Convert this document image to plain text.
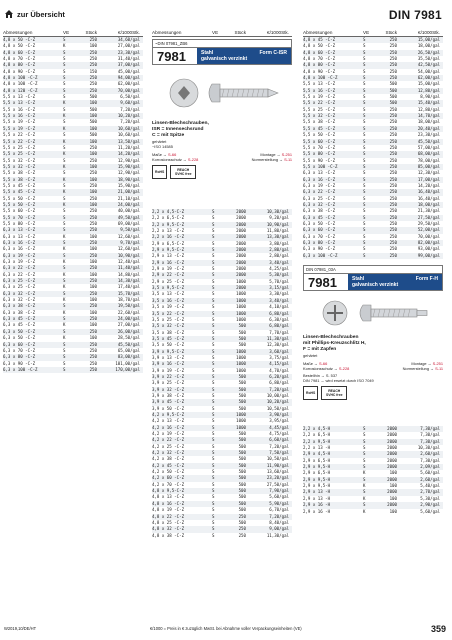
zur Übersicht	DIN 7981
Abmessungen	VE	Stück	€/1000Stk.
4,8 x 50 -C-Z	S	250	34,60/gal
4,8 x 50 -C-Z	K	100	27,00/gal
4,8 x 60 -C-Z	S	250	23,30/gal
4,8 x 70 -C-Z	S	250	31,40/gal
4,8 x 80 -C-Z	S	250	37,00/gal
4,8 x 90 -C-Z	S	150	45,00/gal
4,8 x 100 -C-Z	S	250	94,00/gal
4,8 x 100 -C-Z	S	250	62,00/gal
4,8 x 120 -C-Z	S	250	70,00/gal
5,5 x 13 -C-Z	S	500	6,50/gal
5,5 x 13 -C-Z	K	100	9,60/gal
5,5 x 16 -C-Z	S	500	7,20/gal
5,5 x 16 -C-Z	K	100	10,20/gal
5,5 x 19 -C-Z	S	500	7,20/gal
5,5 x 19 -C-Z	K	100	10,60/gal
5,5 x 22 -C-Z	S	500	10,60/gal
5,5 x 22 -C-Z	K	100	13,50/gal
5,5 x 25 -C-Z	S	250	11,20/gal
5,5 x 25 -C-Z	K	100	14,20/gal
5,5 x 32 -C-Z	S	250	12,90/gal
5,5 x 32 -C-Z	K	100	15,90/gal
5,5 x 38 -C-Z	S	250	12,90/gal
5,5 x 38 -C-Z	K	100	18,90/gal
5,5 x 45 -C-Z	S	250	15,90/gal
5,5 x 45 -C-Z	K	100	21,00/gal
5,5 x 50 -C-Z	S	250	21,10/gal
5,5 x 50 -C-Z	K	100	24,00/gal
5,5 x 60 -C-Z	S	250	40,00/gal
5,5 x 70 -C-Z	S	250	49,50/gal
5,5 x 80 -C-Z	S	250	69,00/gal
6,3 x 13 -C-Z	S	250	9,50/gal
6,3 x 13 -C-Z	K	100	12,60/gal
6,3 x 16 -C-Z	S	250	9,70/gal
6,3 x 16 -C-Z	K	100	12,60/gal
6,3 x 19 -C-Z	S	250	10,90/gal
6,3 x 19 -C-Z	K	100	12,40/gal
6,3 x 22 -C-Z	S	250	11,40/gal
6,3 x 22 -C-Z	K	100	14,80/gal
6,3 x 25 -C-Z	S	250	14,30/gal
6,3 x 25 -C-Z	K	100	17,40/gal
6,3 x 32 -C-Z	S	250	15,70/gal
6,3 x 32 -C-Z	K	100	18,70/gal
6,3 x 38 -C-Z	S	250	19,50/gal
6,3 x 38 -C-Z	K	100	22,60/gal
6,3 x 45 -C-Z	S	250	24,00/gal
6,3 x 45 -C-Z	K	100	27,00/gal
6,3 x 50 -C-Z	S	250	26,00/gal
6,3 x 50 -C-Z	K	100	28,50/gal
6,3 x 60 -C-Z	S	250	45,50/gal
6,3 x 70 -C-Z	S	250	65,00/gal
6,3 x 80 -C-Z	S	250	83,00/gal
6,3 x 90 -C-Z	S	250	101,00/gal
6,3 x 100 -C-Z	S	250	170,00/gal
Abmessungen	VE	Stück	€/1000Stk.
~DIN 07981_ZB6
7981	Stahl	Form C-ISR
galvanisch verzinkt
Linsen-Blechschrauben,
ISR = Innensechsrund
C = mit Spitze
gehärtet
~ISO 14585
Maße → S-66	Montage → S-251
Korrosionsschutz → S-228	Normerstellung → S-11
RoHS	REACH SVHC free
2,2 x 4,5-C-Z	S	2000	10,30/gal
2,2 x 6,5-C-Z	S	2000	9,20/gal
2,2 x 9,5-C-Z	S	2000	10,90/gal
2,2 x 13 -C-Z	S	2000	11,80/gal
2,2 x 16 -C-Z	S	2000	13,30/gal
2,9 x 6,5-C-Z	S	2000	3,80/gal
2,9 x 9,5-C-Z	S	2000	2,80/gal
2,9 x 13 -C-Z	S	2000	2,80/gal
2,9 x 16 -C-Z	S	2000	3,40/gal
2,9 x 19 -C-Z	S	2000	4,25/gal
2,9 x 22 -C-Z	S	2000	5,30/gal
2,9 x 25 -C-Z	S	1000	5,70/gal
3,5 x 9,5-C-Z	S	2000	3,15/gal
3,5 x 13 -C-Z	S	1000	3,30/gal
3,5 x 16 -C-Z	S	1000	3,40/gal
3,5 x 19 -C-Z	S	1000	4,10/gal
3,5 x 22 -C-Z	S	1000	6,80/gal
3,5 x 25 -C-Z	S	1000	6,30/gal
3,5 x 32 -C-Z	S	500	6,80/gal
3,5 x 38 -C-Z	S	500	7,70/gal
3,5 x 45 -C-Z	S	500	11,30/gal
3,5 x 50 -C-Z	S	500	12,30/gal
3,9 x 9,5-C-Z	S	1000	3,60/gal
3,9 x 13 -C-Z	S	1000	3,75/gal
3,9 x 16 -C-Z	S	1000	4,15/gal
3,9 x 19 -C-Z	S	1000	4,70/gal
3,9 x 22 -C-Z	S	500	6,20/gal
3,9 x 25 -C-Z	S	500	6,80/gal
3,9 x 32 -C-Z	S	500	7,20/gal
3,9 x 38 -C-Z	S	500	10,00/gal
3,9 x 45 -C-Z	S	500	10,20/gal
3,9 x 50 -C-Z	S	500	10,50/gal
4,2 x 9,5-C-Z	S	1000	3,90/gal
4,2 x 13 -C-Z	S	1000	3,95/gal
4,2 x 16 -C-Z	S	1000	4,45/gal
4,2 x 19 -C-Z	S	500	4,75/gal
4,2 x 22 -C-Z	S	500	6,60/gal
4,2 x 25 -C-Z	S	500	7,20/gal
4,2 x 32 -C-Z	S	500	7,50/gal
4,2 x 38 -C-Z	S	500	10,50/gal
4,2 x 45 -C-Z	S	500	11,90/gal
4,2 x 50 -C-Z	S	500	13,60/gal
4,2 x 60 -C-Z	S	500	23,20/gal
4,2 x 70 -C-Z	S	500	27,50/gal
4,8 x 9,5-C-Z	S	500	7,90/gal
4,8 x 13 -C-Z	S	500	5,60/gal
4,8 x 16 -C-Z	S	500	5,90/gal
4,8 x 19 -C-Z	S	500	6,70/gal
4,8 x 22 -C-Z	S	250	7,20/gal
4,8 x 25 -C-Z	S	500	8,40/gal
4,8 x 32 -C-Z	S	250	9,00/gal
4,8 x 38 -C-Z	S	250	11,30/gal
Abmessungen	VE	Stück	€/1000Stk.
4,8 x 45 -C-Z	S	250	15,00/gal
4,8 x 50 -C-Z	S	250	18,00/gal
4,8 x 60 -C-Z	S	250	26,50/gal
4,8 x 70 -C-Z	S	250	35,50/gal
4,8 x 80 -C-Z	S	250	42,50/gal
4,8 x 90 -C-Z	S	250	54,00/gal
4,8 x 100 -C-Z	S	250	62,00/gal
5,5 x 13 -C-Z	S	500	15,00/gal
5,5 x 16 -C-Z	S	500	12,80/gal
5,5 x 19 -C-Z	S	500	8,90/gal
5,5 x 22 -C-Z	S	500	15,40/gal
5,5 x 25 -C-Z	S	250	12,80/gal
5,5 x 32 -C-Z	S	250	14,70/gal
5,5 x 38 -C-Z	S	250	18,00/gal
5,5 x 45 -C-Z	S	250	20,40/gal
5,5 x 50 -C-Z	S	250	23,30/gal
5,5 x 60 -C-Z	S	250	45,50/gal
5,5 x 70 -C-Z	S	250	57,00/gal
5,5 x 80 -C-Z	S	250	68,00/gal
5,5 x 90 -C-Z	S	250	78,00/gal
5,5 x 100 -C-Z	S	250	85,00/gal
6,3 x 13 -C-Z	S	250	12,30/gal
6,3 x 16 -C-Z	S	250	17,00/gal
6,3 x 19 -C-Z	S	250	14,20/gal
6,3 x 22 -C-Z	S	250	16,40/gal
6,3 x 25 -C-Z	S	250	16,40/gal
6,3 x 32 -C-Z	S	250	18,00/gal
6,3 x 38 -C-Z	S	250	21,30/gal
6,3 x 45 -C-Z	S	250	27,50/gal
6,3 x 50 -C-Z	S	250	29,50/gal
6,3 x 60 -C-Z	S	250	52,00/gal
6,3 x 70 -C-Z	S	250	70,00/gal
6,3 x 80 -C-Z	S	250	82,00/gal
6,3 x 90 -C-Z	S	250	93,00/gal
6,3 x 100 -C-Z	S	250	99,00/gal
DIN 07981_03A
7981	Stahl	Form F-H
galvanisch verzinkt
Linsen-Blechschrauben
mit Phillips-Kreuzschlitz H,
F = mit Zapfen
gehärtet
Maße → S-66	Montage → S-251
Korrosionsschutz → S-228	Normerstellung → S-11
Bestellhin → S. 537
DIN 7981 → wird ersetzt durch ISO 7049
RoHS	REACH SVHC free
2,2 x 4,5-H	S	2000	7,30/gal
2,2 x 6,5-H	S	2000	7,30/gal
2,2 x 9,5-H	S	2000	7,30/gal
2,2 x 13 -H	S	2000	10,30/gal
2,9 x 4,5-H	S	2000	2,60/gal
2,9 x 6,5-H	S	2000	7,30/gal
2,9 x 9,5-H	S	2000	2,09/gal
2,9 x 6,5-H	K	100	5,60/gal
2,9 x 9,5-H	S	2000	2,60/gal
2,9 x 9,5-H	K	100	5,40/gal
2,9 x 13 -H	S	2000	2,70/gal
2,9 x 13 -H	K	100	5,30/gal
2,9 x 16 -H	S	2000	2,90/gal
2,9 x 16 -H	K	100	5,60/gal
W2019,10/DE/HT	€/1000 = Preis in € zuzüglich MwSt. bei Abnahme voller Verpackungseinheiten (VE)	359
